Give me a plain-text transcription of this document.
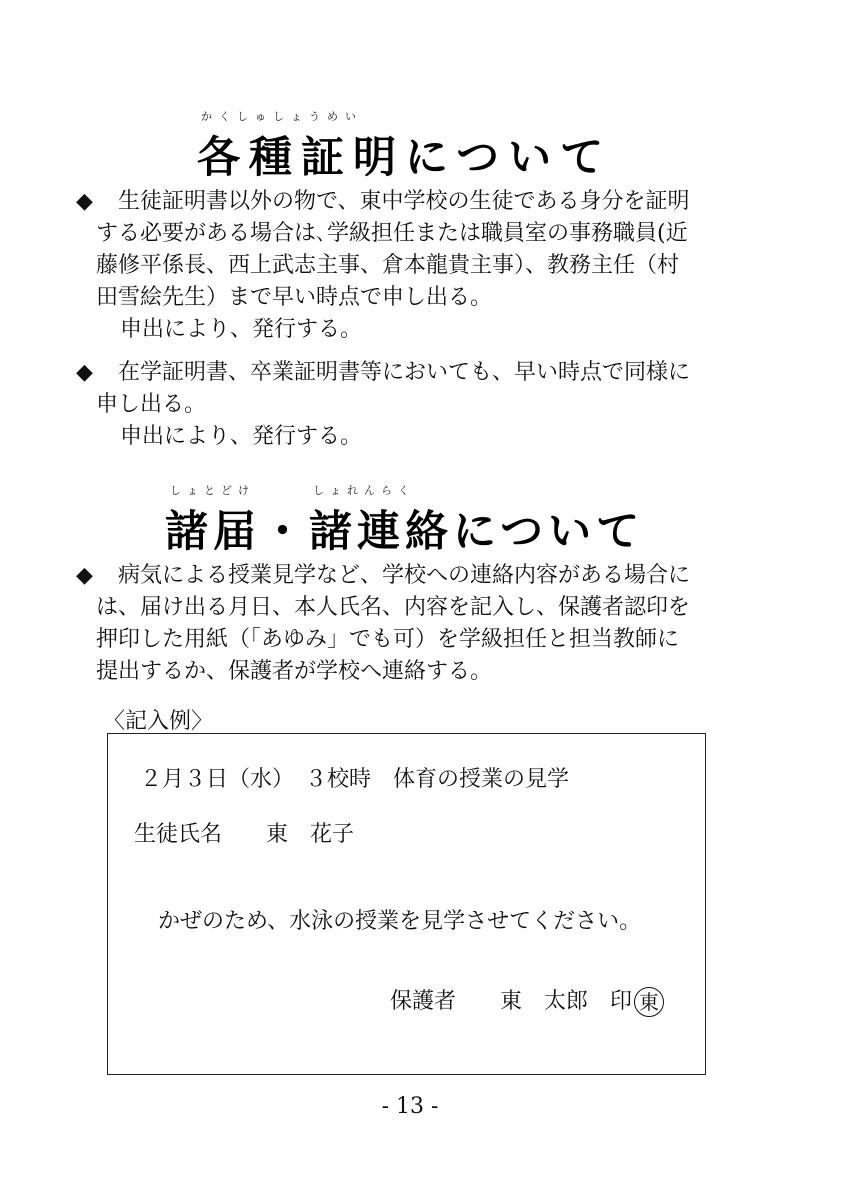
かくしゅしょうめい
各種証明について
◆ 生徒証明書以外の物で、東中学校の生徒である身分を証明
する必要がある場合は､学級担任または職員室の事務職員(近
藤修平係長、西上武志主事、倉本龍貴主事）、教務主任（村
田雪絵先生）まで早い時点で申し出る。
申出により、発行する。
◆ 在学証明書、卒業証明書等においても、早い時点で同様に
申し出る。
申出により、発行する。
しょとどけ	しょれんらく
諸届・諸連絡について
◆ 病気による授業見学など、学校への連絡内容がある場合に
は、届け出る月日、本人氏名、内容を記入し、保護者認印を
押印した用紙（「あゆみ」でも可）を学級担任と担当教師に
提出するか、保護者が学校へ連絡する。
〈記入例〉
２月３日（水）　３校時　体育の授業の見学
生徒氏名　　東　花子
かぜのため、水泳の授業を見学させてください。
保護者　　東　太郎　印 東
- 13 -
